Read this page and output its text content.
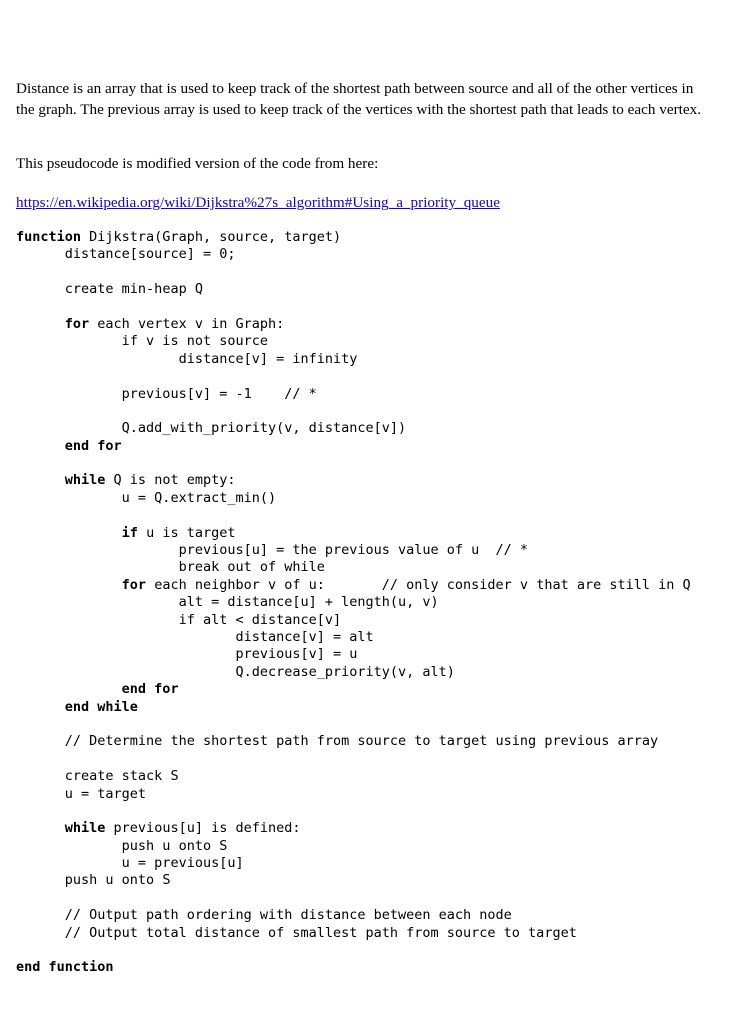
Distance is an array that is used to keep track of the shortest path between source and all of the other vertices in the graph. The previous array is used to keep track of the vertices with the shortest path that leads to each vertex.

This pseudocode is modified version of the code from here:

https://en.wikipedia.org/wiki/Dijkstra%27s_algorithm#Using_a_priority_queue
function Dijkstra(Graph, source, target)
distance[source] = 0;
create min-heap Q
for each vertex v in Graph:
if v is not source
distance[v] = infinity
previous[v] = -1    // *
Q.add_with_priority(v, distance[v])
end for
while Q is not empty:
u = Q.extract_min()
if u is target
previous[u] = the previous value of u  // *
break out of while
for each neighbor v of u:       // only consider v that are still in Q
alt = distance[u] + length(u, v)
if alt < distance[v]
distance[v] = alt
previous[v] = u
Q.decrease_priority(v, alt)
end for
end while
// Determine the shortest path from source to target using previous array
create stack S
u = target
while previous[u] is defined:
push u onto S
u = previous[u]
push u onto S
// Output path ordering with distance between each node
// Output total distance of smallest path from source to target
end function
